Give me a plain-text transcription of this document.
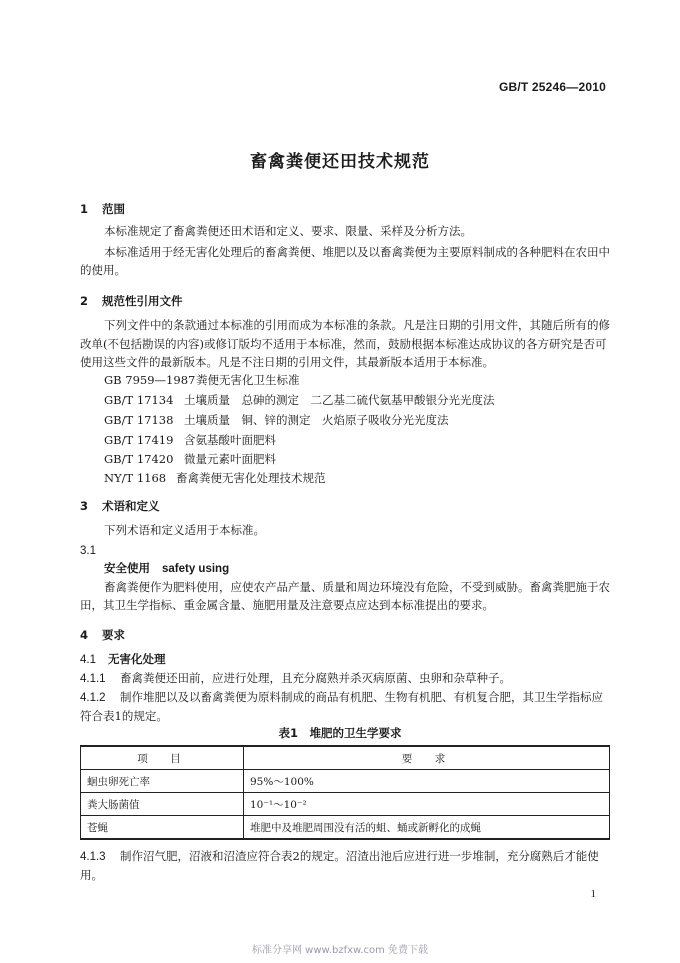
GB/T 25246—2010
畜禽粪便还田技术规范
1 范围
本标准规定了畜禽粪便还田术语和定义、要求、限量、采样及分析方法。
本标准适用于经无害化处理后的畜禽粪便、堆肥以及以畜禽粪便为主要原料制成的各种肥料在农田中的使用。
2 规范性引用文件
下列文件中的条款通过本标准的引用而成为本标准的条款。凡是注日期的引用文件，其随后所有的修改单(不包括勘误的内容)或修订版均不适用于本标准，然而，鼓励根据本标准达成协议的各方研究是否可使用这些文件的最新版本。凡是不注日期的引用文件，其最新版本适用于本标准。
GB 7959—1987粪便无害化卫生标准
GB/T 17134 土壤质量　总砷的测定　二乙基二硫代氨基甲酸银分光光度法
GB/T 17138 土壤质量　铜、锌的测定　火焰原子吸收分光光度法
GB/T 17419 含氨基酸叶面肥料
GB/T 17420 微量元素叶面肥料
NY/T 1168 畜禽粪便无害化处理技术规范
3 术语和定义
下列术语和定义适用于本标准。
3.1
安全使用 safety using
畜禽粪便作为肥料使用，应使农产品产量、质量和周边环境没有危险，不受到威胁。畜禽粪肥施于农田，其卫生学指标、重金属含量、施肥用量及注意要点应达到本标准提出的要求。
4 要求
4.1 无害化处理
4.1.1 畜禽粪便还田前，应进行处理，且充分腐熟并杀灭病原菌、虫卵和杂草种子。
4.1.2 制作堆肥以及以畜禽粪便为原料制成的商品有机肥、生物有机肥、有机复合肥，其卫生学指标应符合表1的规定。
表1　堆肥的卫生学要求
项　目	要　求
蛔虫卵死亡率	95%～100%
粪大肠菌值	10⁻¹～10⁻²
苍蝇	堆肥中及堆肥周围没有活的蛆、蛹或新孵化的成蝇
4.1.3 制作沼气肥，沼液和沼渣应符合表2的规定。沼渣出池后应进行进一步堆制，充分腐熟后才能使用。
1
标准分享网 www.bzfxw.com 免费下载
